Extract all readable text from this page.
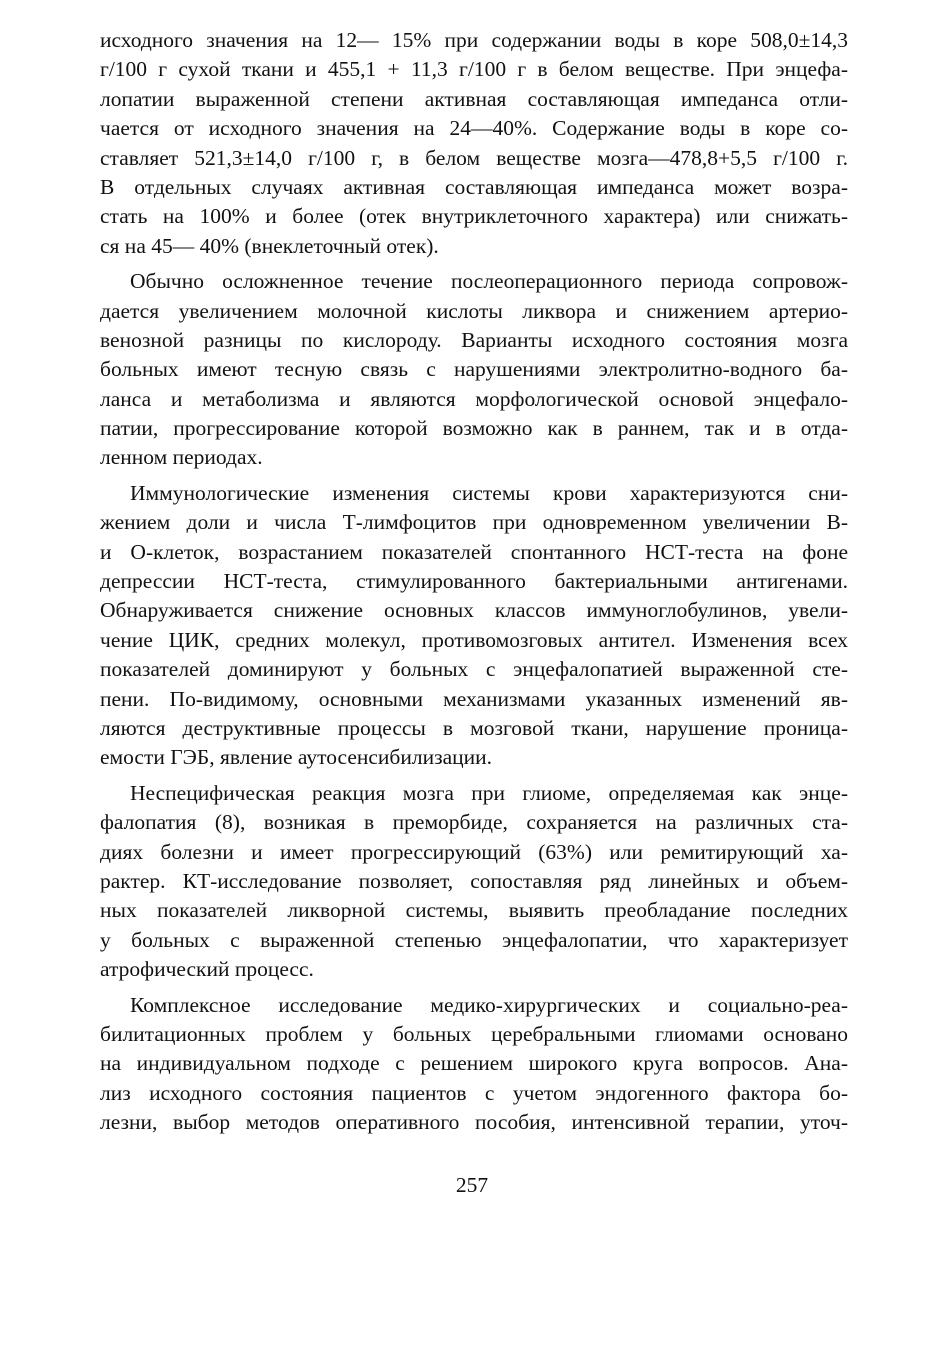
исходного значения на 12— 15% при содержании воды в коре 508,0±14,3
г/100 г сухой ткани и 455,1 + 11,3 г/100 г в белом веществе. При энцефа-
лопатии выраженной степени активная составляющая импеданса отли-
чается от исходного значения на 24—40%. Содержание воды в коре со-
ставляет 521,3±14,0 г/100 г, в белом веществе мозга—478,8+5,5 г/100 г.
В отдельных случаях активная составляющая импеданса может возра-
стать на 100% и более (отек внутриклеточного характера) или снижать-
ся на 45— 40% (внеклеточный отек).
Обычно осложненное течение послеоперационного периода сопровож-
дается увеличением молочной кислоты ликвора и снижением артерио-
венозной разницы по кислороду. Варианты исходного состояния мозга
больных имеют тесную связь с нарушениями электролитно-водного ба-
ланса и метаболизма и являются морфологической основой энцефало-
патии, прогрессирование которой возможно как в раннем, так и в отда-
ленном периодах.
Иммунологические изменения системы крови характеризуются сни-
жением доли и числа Т-лимфоцитов при одновременном увеличении В-
и О-клеток, возрастанием показателей спонтанного НСТ-теста на фоне
депрессии НСТ-теста, стимулированного бактериальными антигенами.
Обнаруживается снижение основных классов иммуноглобулинов, увели-
чение ЦИК, средних молекул, противомозговых антител. Изменения всех
показателей доминируют у больных с энцефалопатией выраженной сте-
пени. По-видимому, основными механизмами указанных изменений яв-
ляются деструктивные процессы в мозговой ткани, нарушение проница-
емости ГЭБ, явление аутосенсибилизации.
Неспецифическая реакция мозга при глиоме, определяемая как энце-
фалопатия (8), возникая в преморбиде, сохраняется на различных ста-
диях болезни и имеет прогрессирующий (63%) или ремитирующий ха-
рактер. КТ-исследование позволяет, сопоставляя ряд линейных и объем-
ных показателей ликворной системы, выявить преобладание последних
у больных с выраженной степенью энцефалопатии, что характеризует
атрофический процесс.
Комплексное исследование медико-хирургических и социально-реа-
билитационных проблем у больных церебральными глиомами основано
на индивидуальном подходе с решением широкого круга вопросов. Ана-
лиз исходного состояния пациентов с учетом эндогенного фактора бо-
лезни, выбор методов оперативного пособия, интенсивной терапии, уточ-
257
